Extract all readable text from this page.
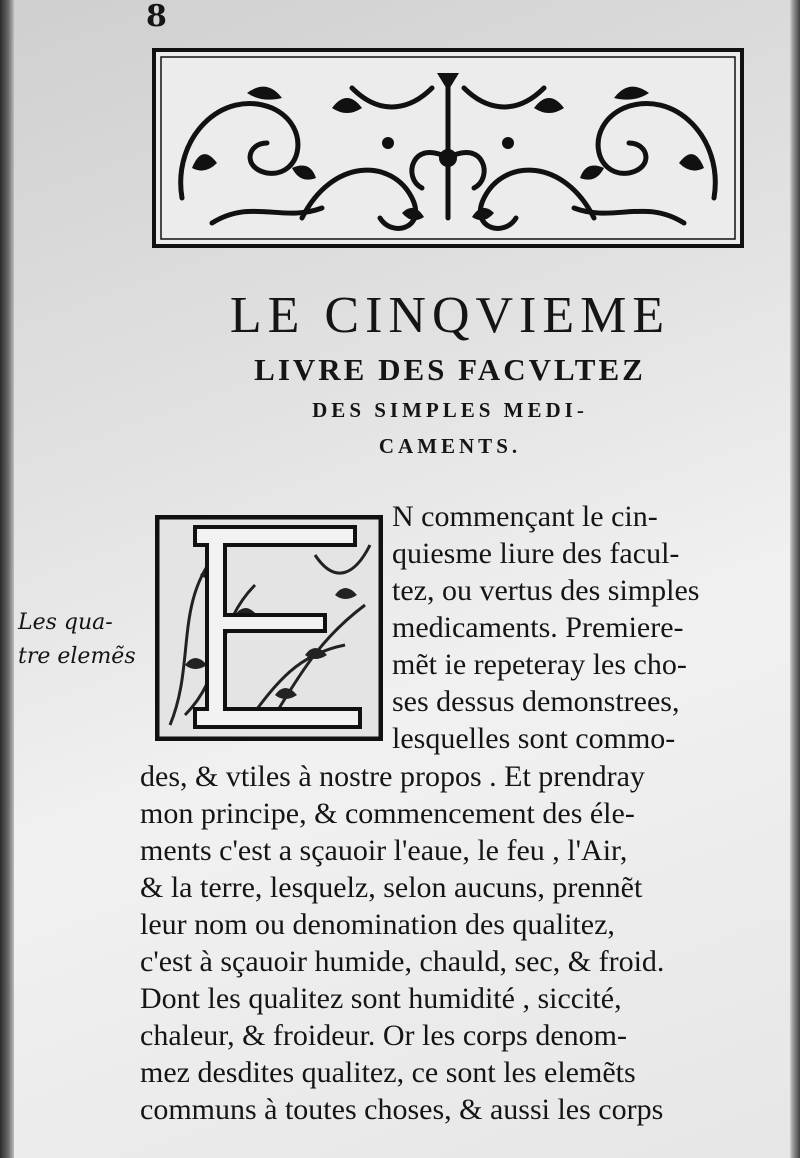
8
LE CINQVIEME
LIVRE DES FACVLTEZ
DES SIMPLES MEDI-
CAMENTS.
Les qua-
tre elemẽs
N commençant le cin-
quiesme liure des facul-
tez, ou vertus des simples
medicaments. Premiere-
mẽt ie repeteray les cho-
ses dessus demonstrees,
lesquelles sont commo-
des, & vtiles à nostre propos . Et prendray
mon principe, & commencement des éle-
ments c'est a sçauoir l'eaue, le feu , l'Air,
& la terre, lesquelz, selon aucuns, prennẽt
leur nom ou denomination des qualitez,
c'est à sçauoir humide, chauld, sec, & froid.
Dont les qualitez sont humidité , siccité,
chaleur, & froideur. Or les corps denom-
mez desdites qualitez, ce sont les elemẽts
communs à toutes choses, & aussi les corps
